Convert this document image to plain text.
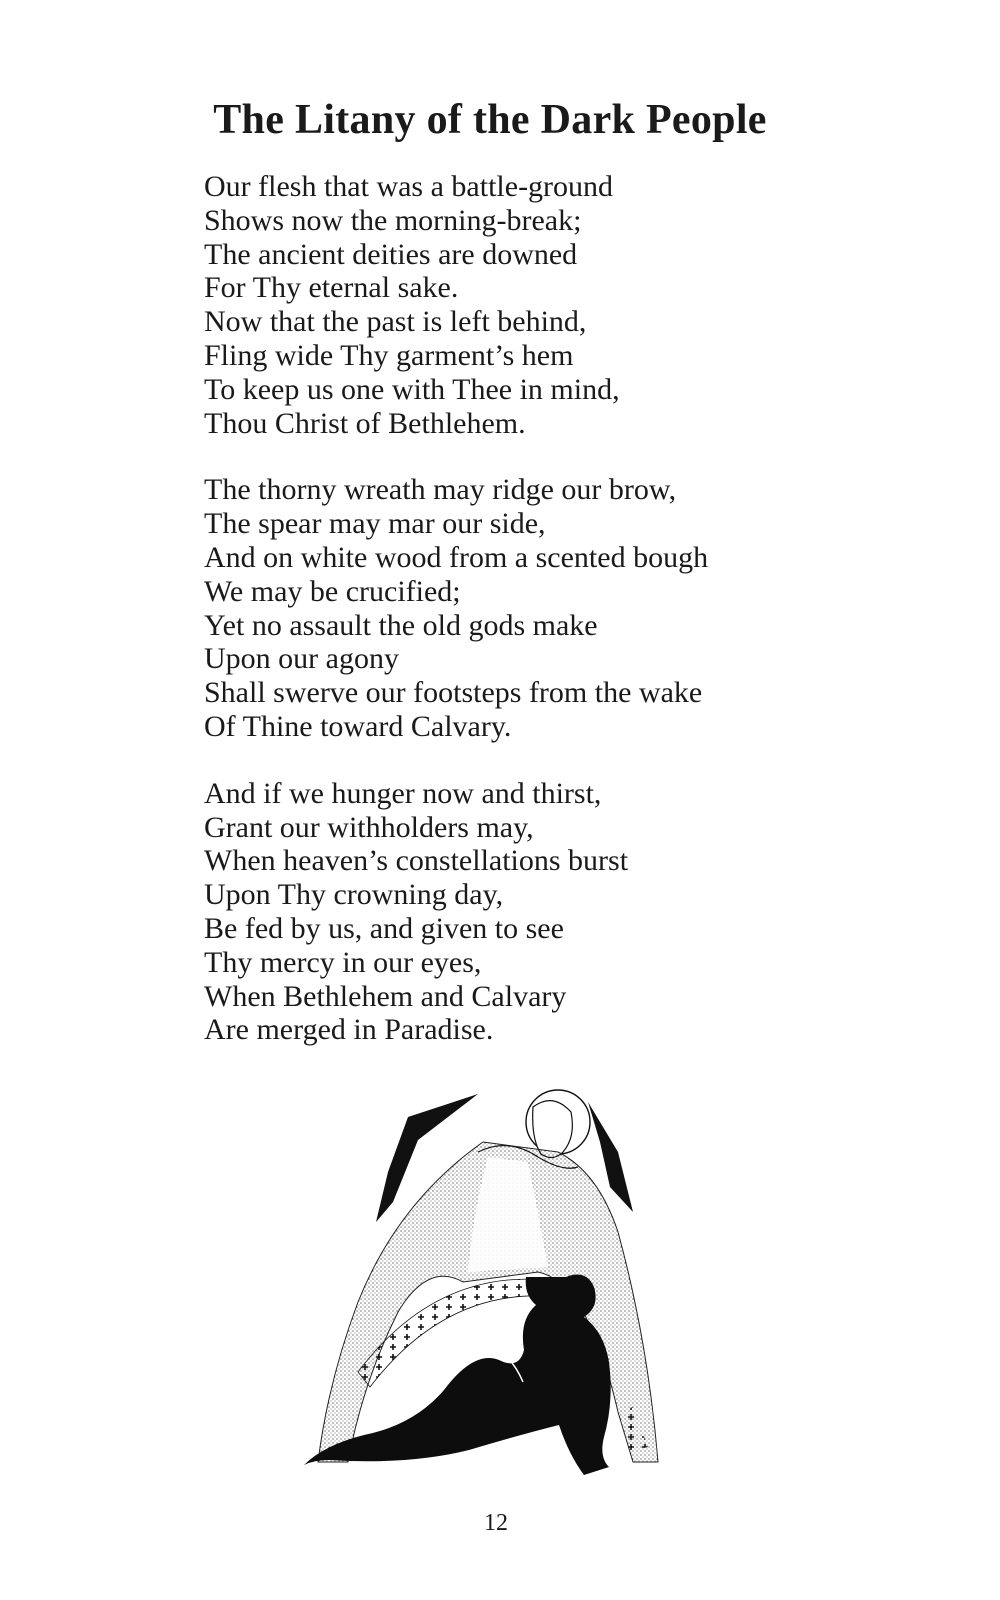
The Litany of the Dark People

Our flesh that was a battle-ground

Shows now the morning-break;

The ancient deities are downed

For Thy eternal sake.

Now that the past is left behind,

Fling wide Thy garment’s hem

To keep us one with Thee in mind,

Thou Christ of Bethlehem.

The thorny wreath may ridge our brow,

The spear may mar our side,

And on white wood from a scented bough

We may be crucified;

Yet no assault the old gods make

Upon our agony

Shall swerve our footsteps from the wake

Of Thine toward Calvary.

And if we hunger now and thirst,

Grant our withholders may,

When heaven’s constellations burst

Upon Thy crowning day,

Be fed by us, and given to see

Thy mercy in our eyes,

When Bethlehem and Calvary

Are merged in Paradise.

12
